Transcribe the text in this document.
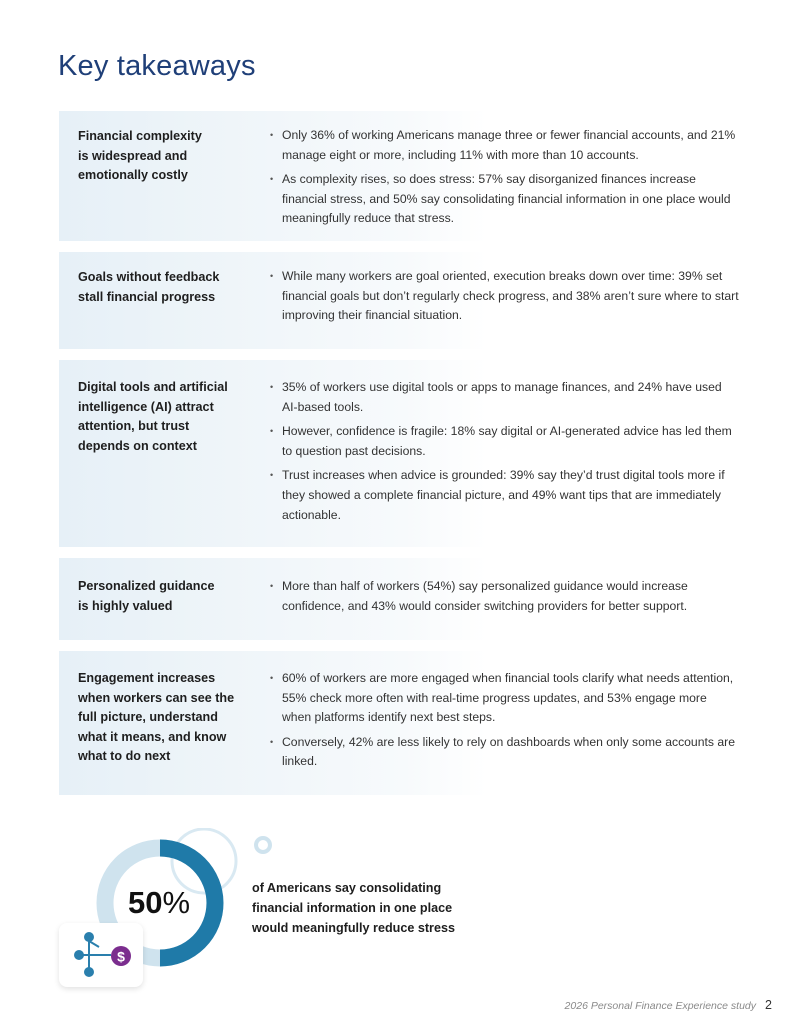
Key takeaways
Financial complexity is widespread and emotionally costly
• Only 36% of working Americans manage three or fewer financial accounts, and 21% manage eight or more, including 11% with more than 10 accounts.
• As complexity rises, so does stress: 57% say disorganized finances increase financial stress, and 50% say consolidating financial information in one place would meaningfully reduce that stress.
Goals without feedback stall financial progress
• While many workers are goal oriented, execution breaks down over time: 39% set financial goals but don’t regularly check progress, and 38% aren’t sure where to start improving their financial situation.
Digital tools and artificial intelligence (AI) attract attention, but trust depends on context
• 35% of workers use digital tools or apps to manage finances, and 24% have used AI-based tools.
• However, confidence is fragile: 18% say digital or AI-generated advice has led them to question past decisions.
• Trust increases when advice is grounded: 39% say they’d trust digital tools more if they showed a complete financial picture, and 49% want tips that are immediately actionable.
Personalized guidance is highly valued
• More than half of workers (54%) say personalized guidance would increase confidence, and 43% would consider switching providers for better support.
Engagement increases when workers can see the full picture, understand what it means, and know what to do next
• 60% of workers are more engaged when financial tools clarify what needs attention, 55% check more often with real-time progress updates, and 53% engage more when platforms identify next best steps.
• Conversely, 42% are less likely to rely on dashboards when only some accounts are linked.
50%	of Americans say consolidating financial information in one place would meaningfully reduce stress
$
2026 Personal Finance Experience study 2
